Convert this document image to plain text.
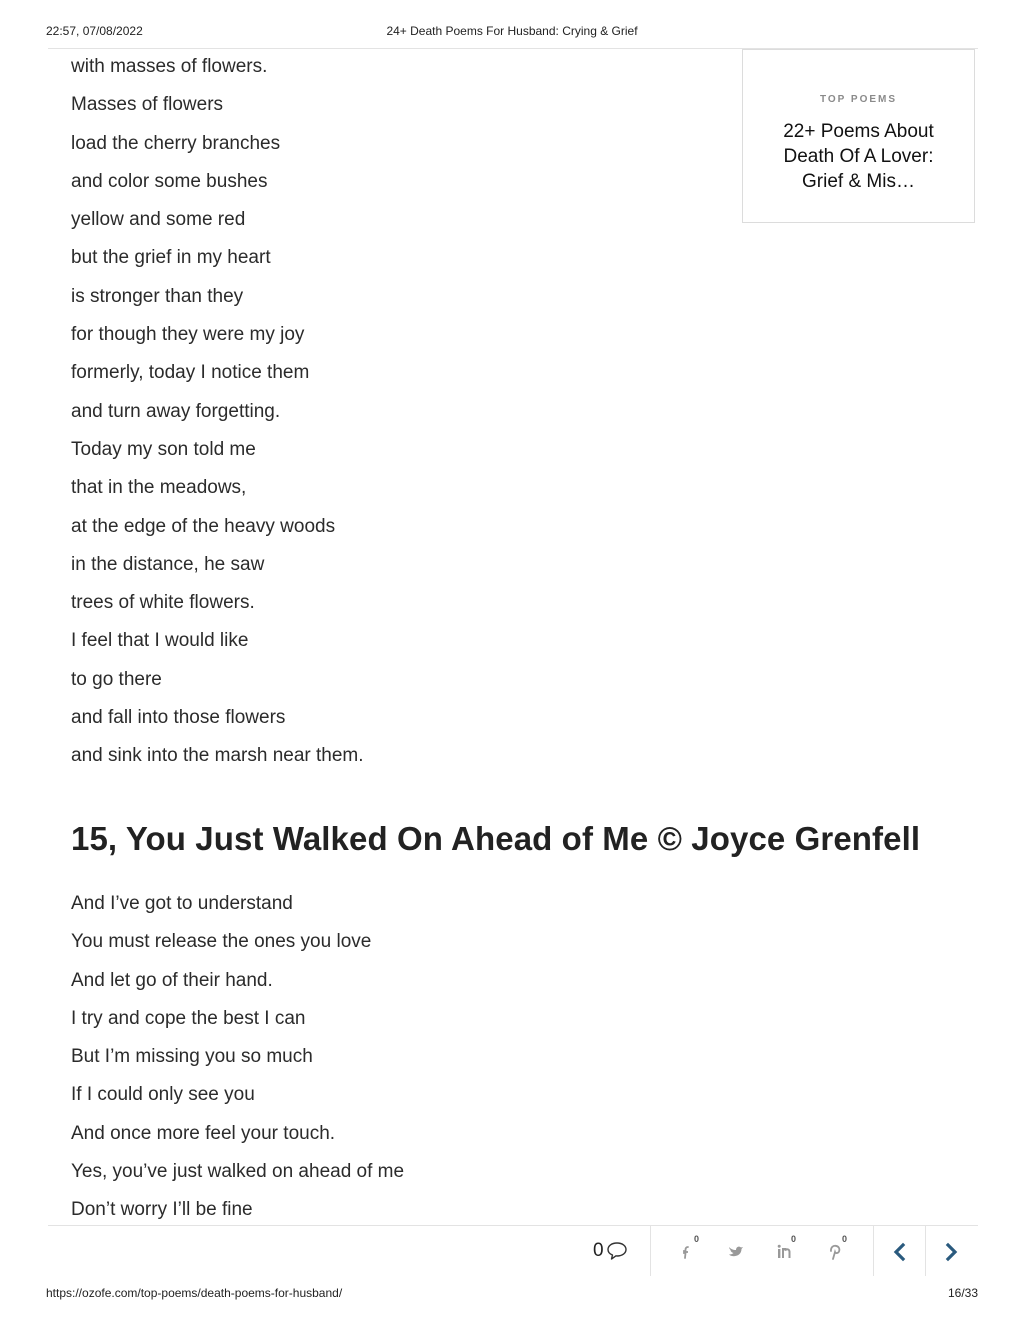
22:57, 07/08/2022	24+ Death Poems For Husband: Crying & Grief
with masses of flowers.
Masses of flowers
load the cherry branches
and color some bushes
yellow and some red
but the grief in my heart
is stronger than they
for though they were my joy
formerly, today I notice them
and turn away forgetting.
Today my son told me
that in the meadows,
at the edge of the heavy woods
in the distance, he saw
trees of white flowers.
I feel that I would like
to go there
and fall into those flowers
and sink into the marsh near them.
15, You Just Walked On Ahead of Me © Joyce Grenfell
And I’ve got to understand
You must release the ones you love
And let go of their hand.
I try and cope the best I can
But I’m missing you so much
If I could only see you
And once more feel your touch.
Yes, you’ve just walked on ahead of me
Don’t worry I’ll be fine
TOP POEMS
22+ Poems About Death Of A Lover: Grief & Mis…
0
0	0	0
https://ozofe.com/top-poems/death-poems-for-husband/	16/33
